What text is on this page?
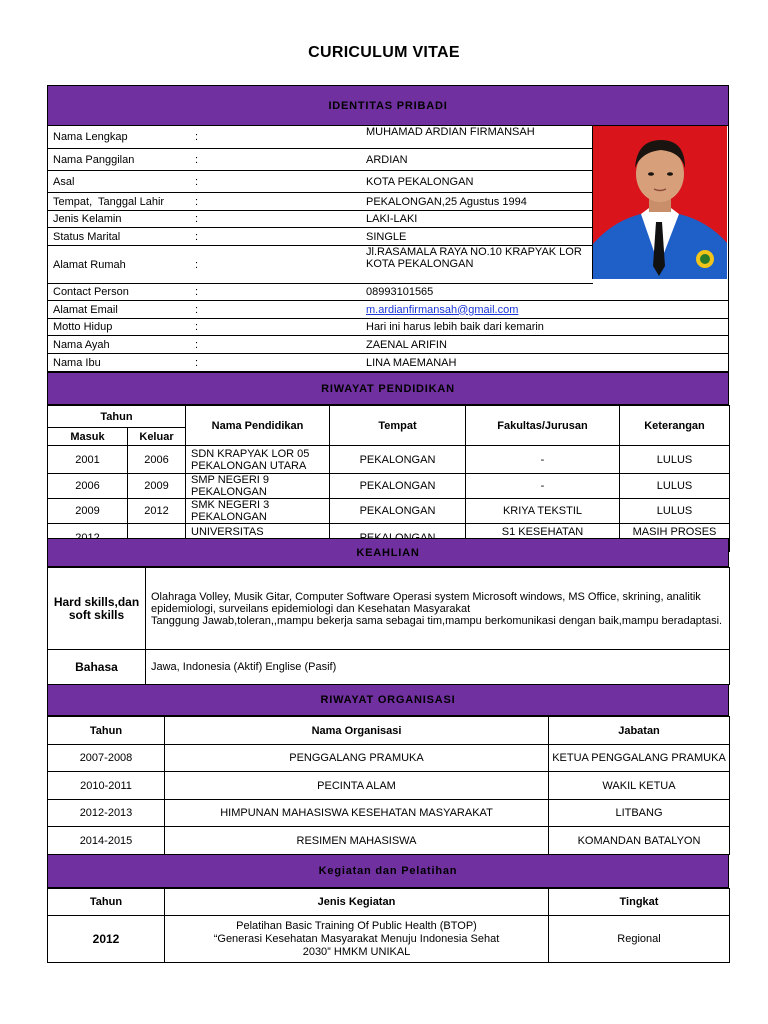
CURICULUM VITAE
IDENTITAS PRIBADI
Nama Lengkap	:	MUHAMAD ARDIAN FIRMANSAH
Nama Panggilan	:	ARDIAN
Asal	:	KOTA PEKALONGAN
Tempat,  Tanggal Lahir	:	PEKALONGAN,25 Agustus 1994
Jenis Kelamin	:	LAKI-LAKI
Status Marital	:	SINGLE
Alamat Rumah	:
Jl.RASAMALA RAYA NO.10 KRAPYAK LOR
KOTA PEKALONGAN
Contact Person	:	08993101565
Alamat Email	:	m.ardianfirmansah@gmail.com
Motto Hidup	:	Hari ini harus lebih baik dari kemarin
Nama Ayah	:	ZAENAL ARIFIN
Nama Ibu	:	LINA MAEMANAH
RIWAYAT PENDIDIKAN
Tahun		Nama Pendidikan	Tempat	Fakultas/Jurusan	Keterangan
Masuk	Keluar				
2001	2006	SDN KRAPYAK LOR 05 PEKALONGAN UTARA	PEKALONGAN	-	LULUS
2006	2009	SMP NEGERI 9 PEKALONGAN	PEKALONGAN	-	LULUS
2009	2012	SMK NEGERI 3 PEKALONGAN	PEKALONGAN	KRIYA TEKSTIL	LULUS
		UNIVERSITAS		S1 KESEHATAN	MASIH PROSES
KEAHLIAN
Hard skills,dan soft skills	Olahraga Volley, Musik Gitar, Computer Software Operasi system Microsoft windows, MS Office, skrining, analitik epidemiologi, surveilans epidemiologi dan Kesehatan Masyarakat
Tanggung Jawab,toleran,,mampu bekerja sama sebagai tim,mampu berkomunikasi dengan baik,mampu beradaptasi.

Bahasa	Jawa, Indonesia (Aktif) Englise (Pasif)
RIWAYAT ORGANISASI
Tahun	Nama Organisasi	Jabatan
2007-2008	PENGGALANG PRAMUKA	KETUA PENGGALANG PRAMUKA
2010-2011	PECINTA ALAM	WAKIL KETUA
2012-2013	HIMPUNAN MAHASISWA KESEHATAN MASYARAKAT	LITBANG
2014-2015	RESIMEN MAHASISWA	KOMANDAN BATALYON
Kegiatan dan Pelatihan
Tahun	Jenis Kegiatan	Tingkat
2012	Pelatihan Basic Training Of Public Health (BTOP)
“Generasi Kesehatan Masyarakat Menuju Indonesia Sehat
2030” HMKM UNIKAL	Regional
